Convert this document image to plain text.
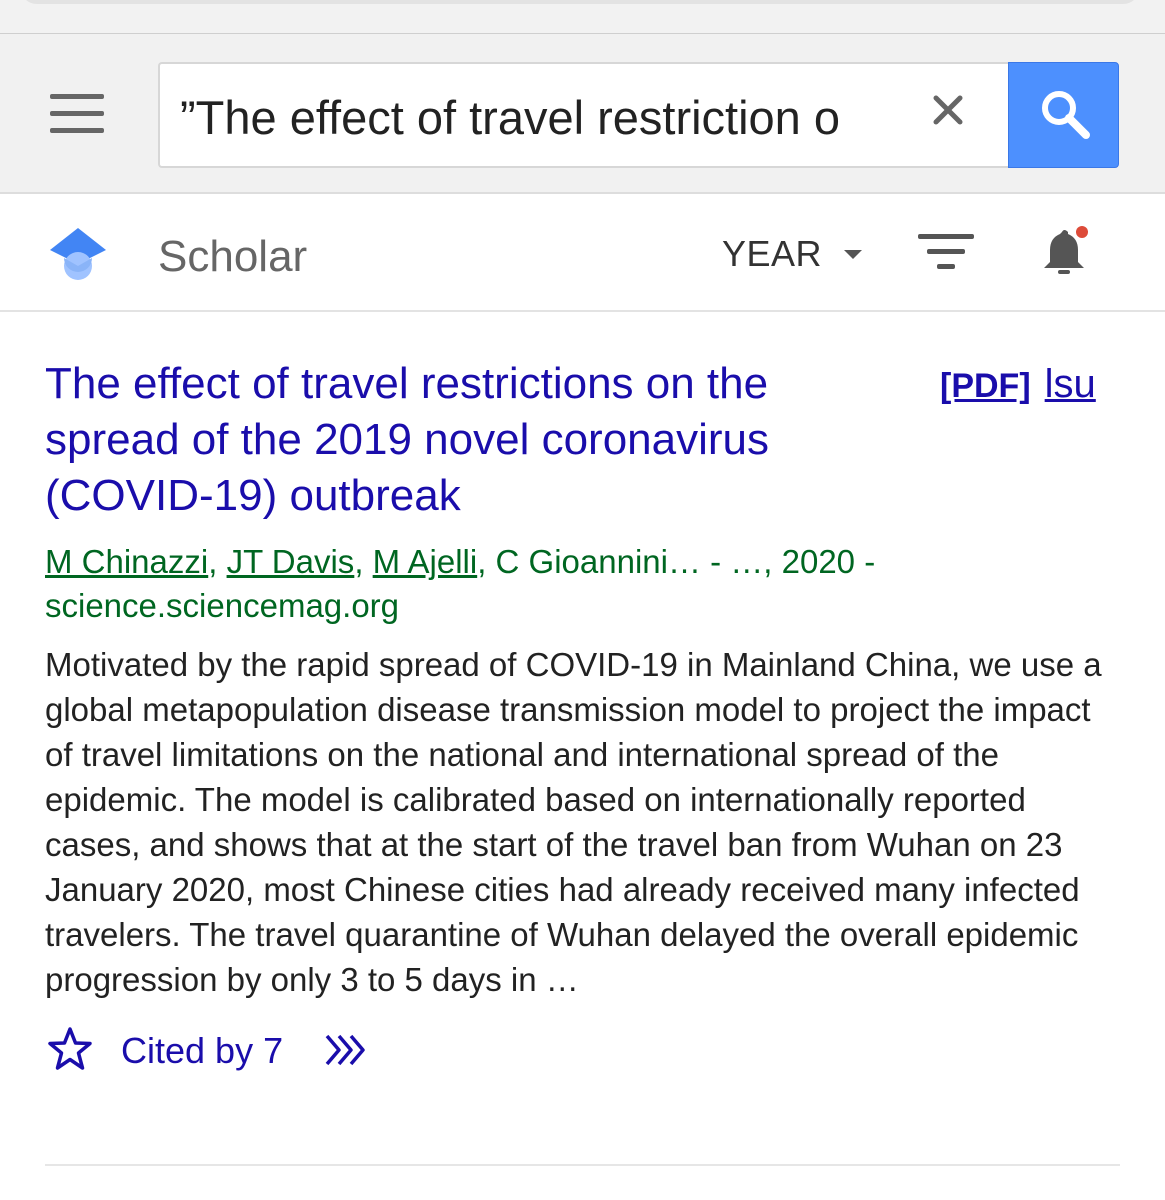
”The effect of travel restriction o
Scholar	YEAR
The effect of travel restrictions on the spread of the 2019 novel coronavirus (COVID-19) outbreak
[PDF] lsu
M Chinazzi, JT Davis, M Ajelli, C Gioannini… - …, 2020 - science.sciencemag.org
Motivated by the rapid spread of COVID-19 in Mainland China, we use a global metapopulation disease transmission model to project the impact of travel limitations on the national and international spread of the epidemic. The model is calibrated based on internationally reported cases, and shows that at the start of the travel ban from Wuhan on 23 January 2020, most Chinese cities had already received many infected travelers. The travel quarantine of Wuhan delayed the overall epidemic progression by only 3 to 5 days in …
Cited by 7
